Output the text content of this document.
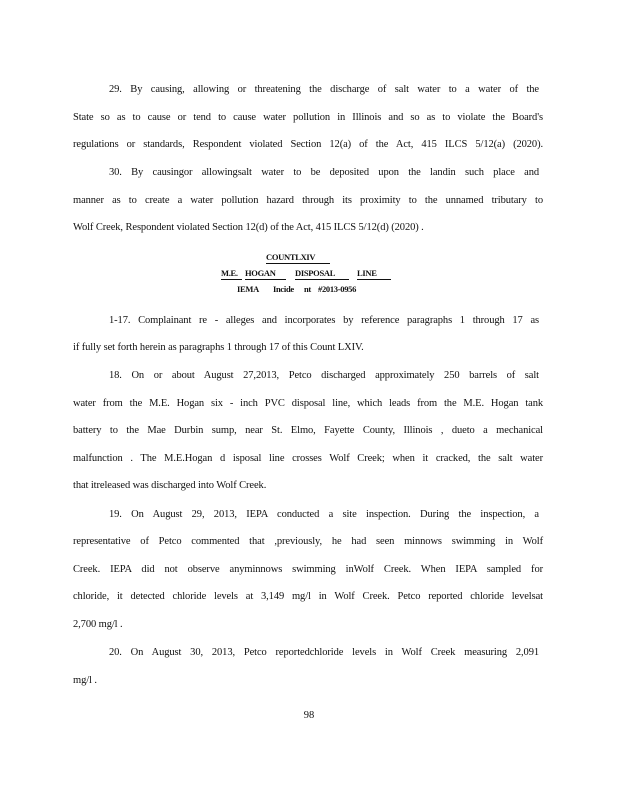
29. By causing, allowing or threatening the discharge of salt water to a water of the
State so as to cause or tend to cause water pollution in Illinois and so as to violate the Board's
regulations or standards, Respondent violated Section 12(a) of the Act, 415 ILCS 5/12(a) (2020).
30. By causingor allowingsalt water to be deposited upon the landin such place and
manner as to create a water pollution hazard through its proximity to the unnamed tributary to
Wolf Creek, Respondent violated Section 12(d) of the Act, 415 ILCS 5/12(d) (2020) .
COUNTLXIV
M.E. HOGAN	DISPOSAL	LINE
IEMA Incide nt #2013-0956
1-17. Complainant re - alleges and incorporates by reference paragraphs 1 through 17 as
if fully set forth herein as paragraphs 1 through 17 of this Count LXIV.
18. On or about August 27,2013, Petco discharged approximately 250 barrels of salt
water from the M.E. Hogan six - inch PVC disposal line, which leads from the M.E. Hogan tank
battery to the Mae Durbin sump, near St. Elmo, Fayette County, Illinois , dueto a mechanical
malfunction . The M.E.Hogan d isposal line crosses Wolf Creek; when it cracked, the salt water
that itreleased was discharged into Wolf Creek.
19. On August 29, 2013, IEPA conducted a site inspection. During the inspection, a
representative of Petco commented that ,previously, he had seen minnows swimming in Wolf
Creek. IEPA did not observe anyminnows swimming inWolf Creek. When IEPA sampled for
chloride, it detected chloride levels at 3,149 mg/l in Wolf Creek. Petco reported chloride levelsat
2,700 mg/l .
20. On August 30, 2013, Petco reportedchloride levels in Wolf Creek measuring 2,091
mg/l .
98
